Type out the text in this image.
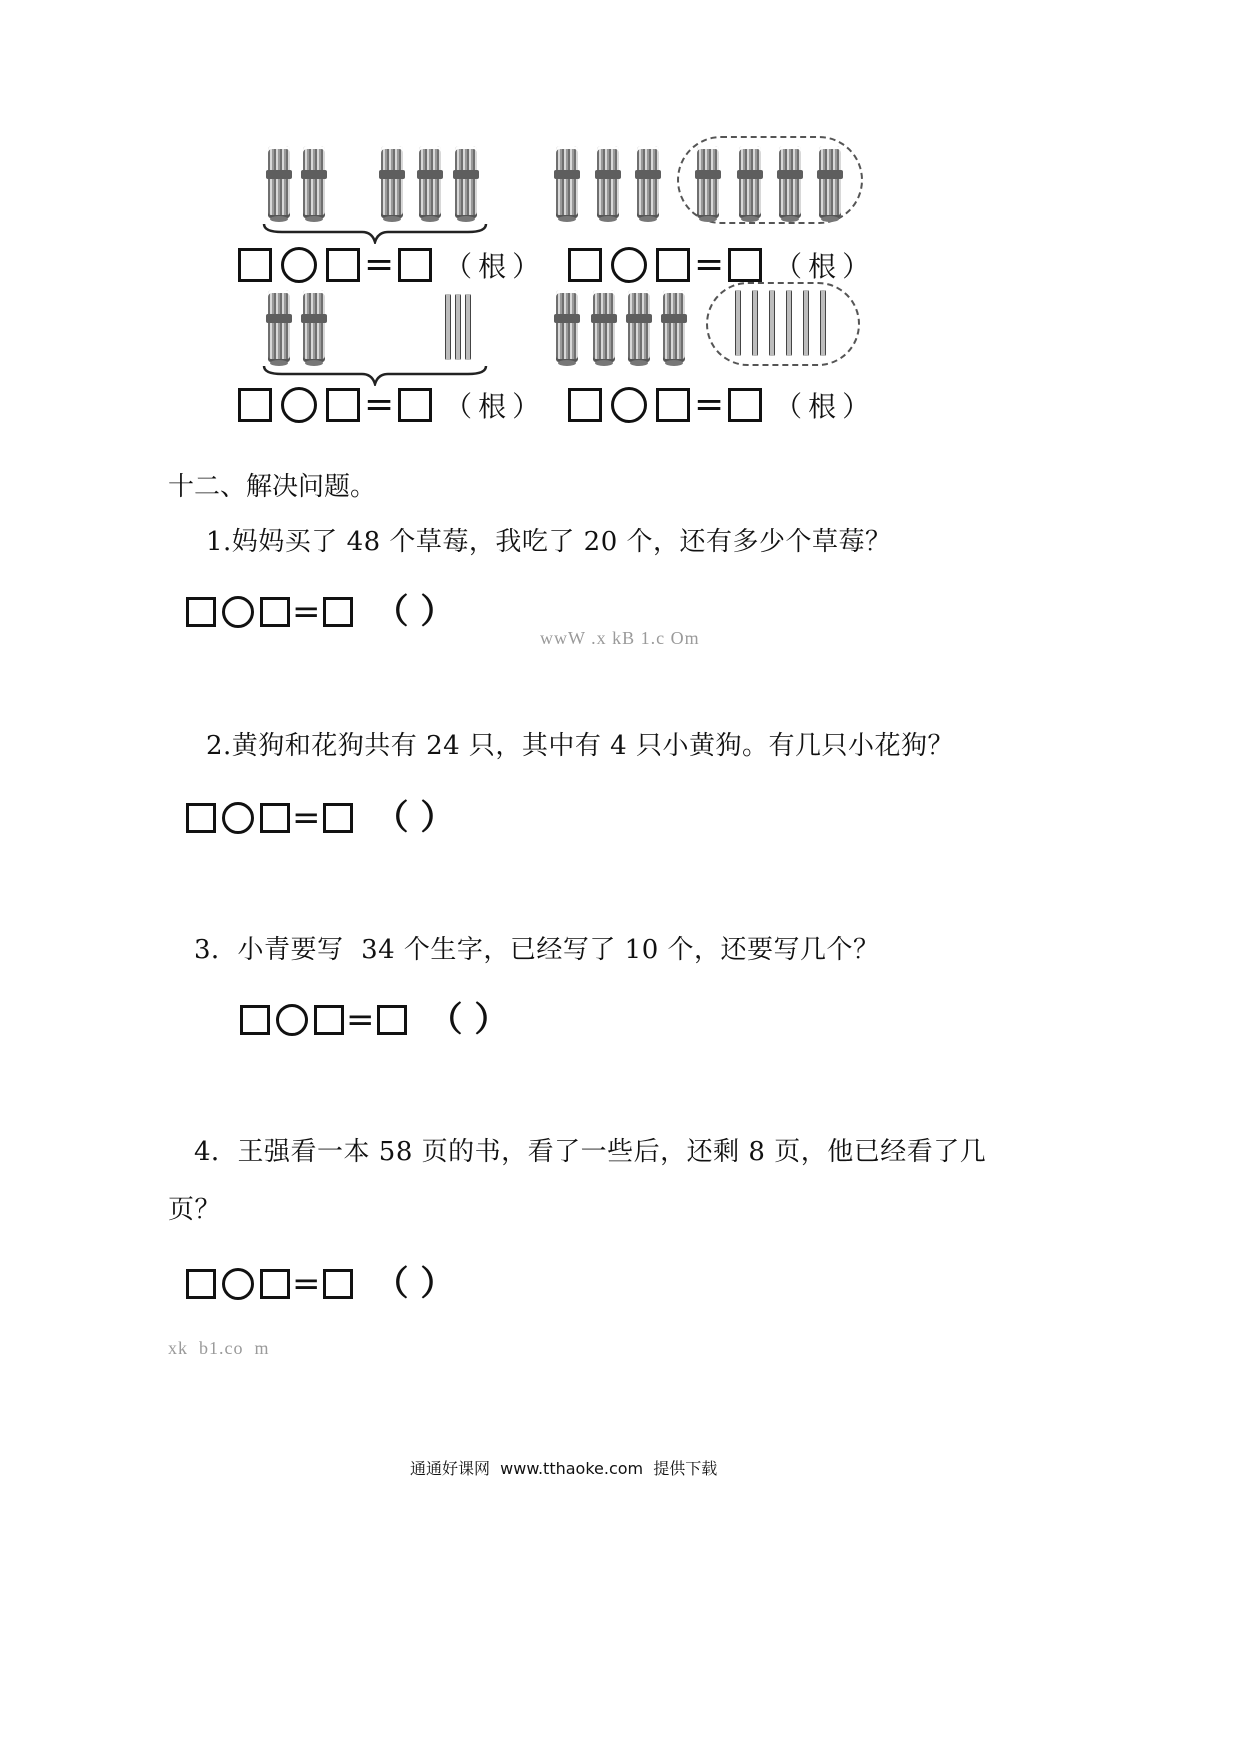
= （根）	= （根）
= （根）	= （根）
十二、解决问题。
1.妈妈买了 48 个草莓，我吃了 20 个，还有多少个草莓？
= （ ）
wwW .x kB 1.c Om
2.黄狗和花狗共有 24 只，其中有 4 只小黄狗。有几只小花狗？
= （ ）
3．小青要写  34 个生字，已经写了 10 个，还要写几个？
= （ ）
4．王强看一本 58 页的书，看了一些后，还剩 8 页，他已经看了几
页？
= （ ）
xk  b1.co  m
通通好课网  www.tthaoke.com  提供下载
